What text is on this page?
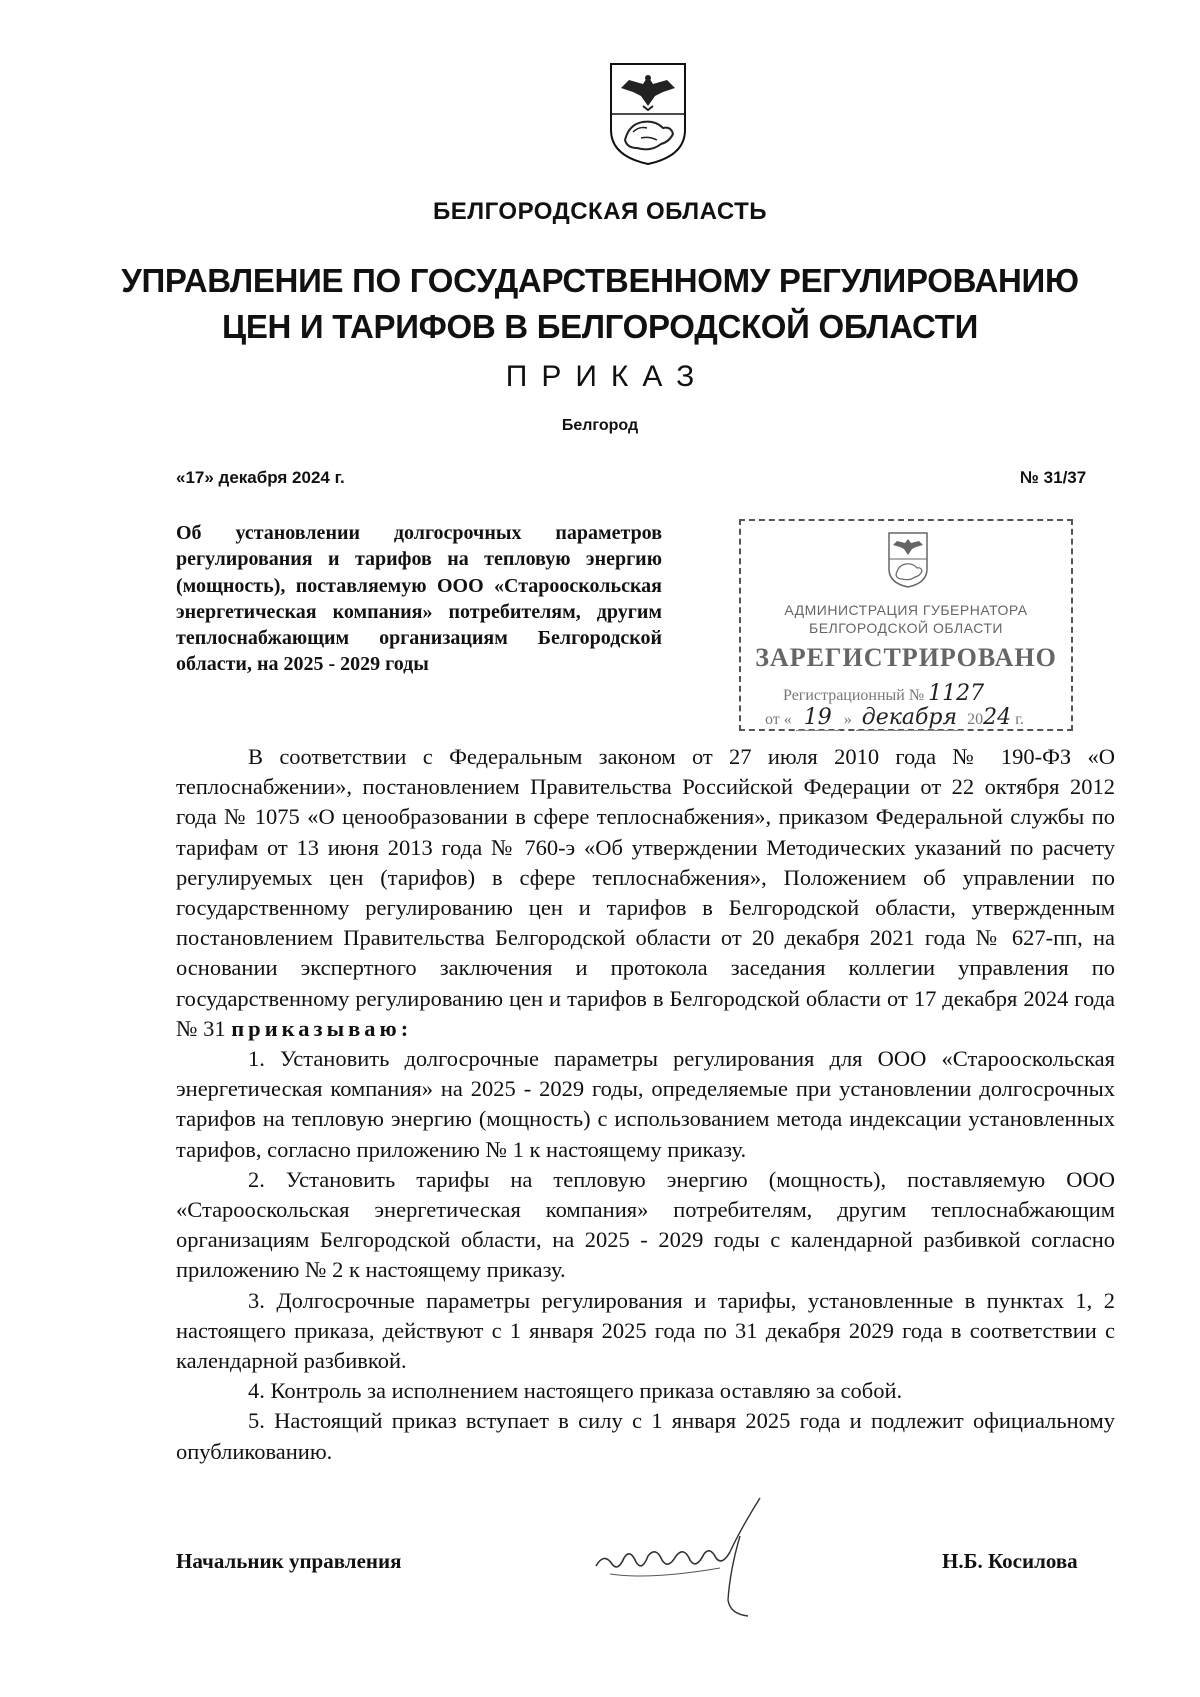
БЕЛГОРОДСКАЯ ОБЛАСТЬ
УПРАВЛЕНИЕ ПО ГОСУДАРСТВЕННОМУ РЕГУЛИРОВАНИЮ
ЦЕН И ТАРИФОВ В БЕЛГОРОДСКОЙ ОБЛАСТИ
ПРИКАЗ
Белгород
«17» декабря 2024 г.	№ 31/37
Об установлении долгосрочных параметров регулирования и тарифов на тепловую энергию (мощность), поставляемую ООО «Старооскольская энергетическая компания» потребителям, другим теплоснабжающим организациям Белгородской области, на 2025 - 2029 годы
АДМИНИСТРАЦИЯ ГУБЕРНАТОРА
БЕЛГОРОДСКОЙ ОБЛАСТИ
ЗАРЕГИСТРИРОВАНО
Регистрационный № 1127
от « 19 » декабря 2024 г.

В соответствии с Федеральным законом от 27 июля 2010 года № 190-ФЗ «О теплоснабжении», постановлением Правительства Российской Федерации от 22 октября 2012 года № 1075 «О ценообразовании в сфере теплоснабжения», приказом Федеральной службы по тарифам от 13 июня 2013 года № 760-э «Об утверждении Методических указаний по расчету регулируемых цен (тарифов) в сфере теплоснабжения», Положением об управлении по государственному регулированию цен и тарифов в Белгородской области, утвержденным постановлением Правительства Белгородской области от 20 декабря 2021 года № 627-пп, на основании экспертного заключения и протокола заседания коллегии управления по государственному регулированию цен и тарифов в Белгородской области от 17 декабря 2024 года № 31 приказываю:

1. Установить долгосрочные параметры регулирования для ООО «Старооскольская энергетическая компания» на 2025 - 2029 годы, определяемые при установлении долгосрочных тарифов на тепловую энергию (мощность) с использованием метода индексации установленных тарифов, согласно приложению № 1 к настоящему приказу.

2. Установить тарифы на тепловую энергию (мощность), поставляемую ООО «Старооскольская энергетическая компания» потребителям, другим теплоснабжающим организациям Белгородской области, на 2025 - 2029 годы с календарной разбивкой согласно приложению № 2 к настоящему приказу.

3. Долгосрочные параметры регулирования и тарифы, установленные в пунктах 1, 2 настоящего приказа, действуют с 1 января 2025 года по 31 декабря 2029 года в соответствии с календарной разбивкой.

4. Контроль за исполнением настоящего приказа оставляю за собой.

5. Настоящий приказ вступает в силу с 1 января 2025 года и подлежит официальному опубликованию.

Начальник управления	Н.Б. Косилова
